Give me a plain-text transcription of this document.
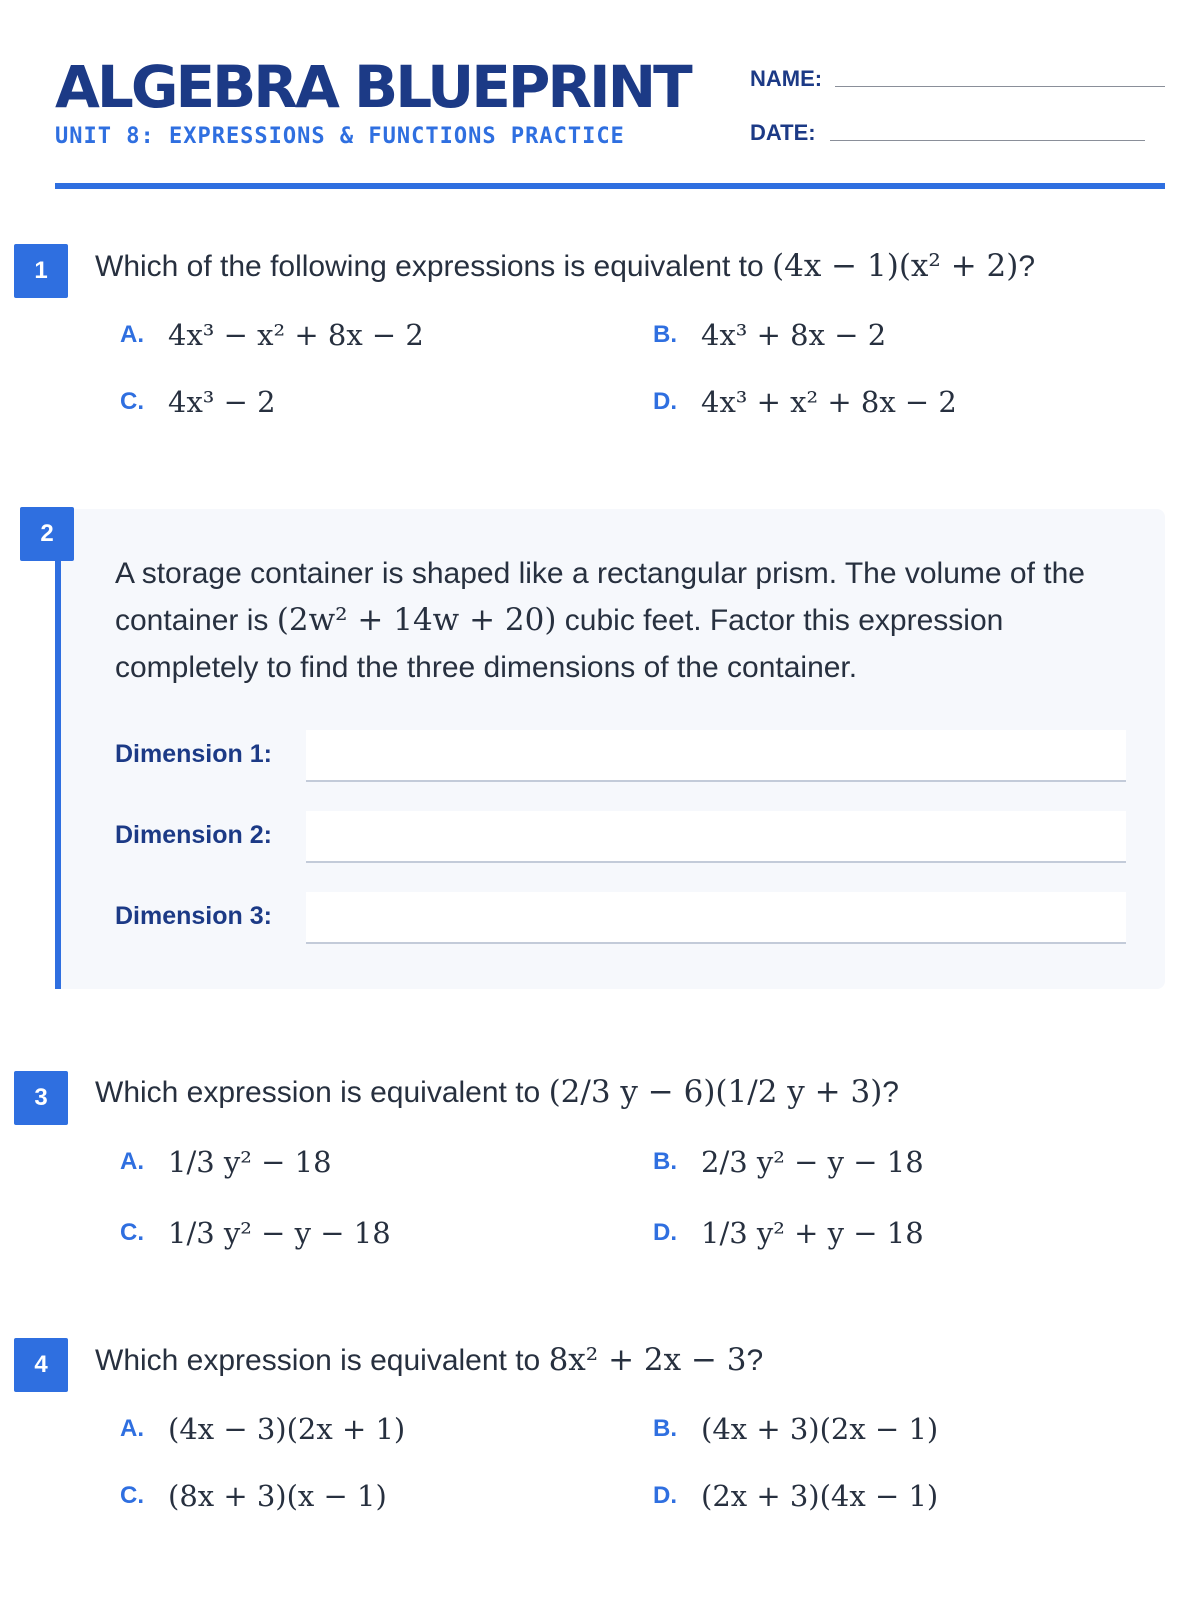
ALGEBRA BLUEPRINT
UNIT 8: EXPRESSIONS & FUNCTIONS PRACTICE
NAME:
DATE:
1	Which of the following expressions is equivalent to (4x − 1)(x² + 2)?
A. 4x³ − x² + 8x − 2	B. 4x³ + 8x − 2
C. 4x³ − 2	D. 4x³ + x² + 8x − 2
2
A storage container is shaped like a rectangular prism. The volume of the container is (2w² + 14w + 20) cubic feet. Factor this expression completely to find the three dimensions of the container.
Dimension 1:
Dimension 2:
Dimension 3:
3	Which expression is equivalent to (2/3 y − 6)(1/2 y + 3)?
A. 1/3 y² − 18	B. 2/3 y² − y − 18
C. 1/3 y² − y − 18	D. 1/3 y² + y − 18
4	Which expression is equivalent to 8x² + 2x − 3?
A. (4x − 3)(2x + 1)	B. (4x + 3)(2x − 1)
C. (8x + 3)(x − 1)	D. (2x + 3)(4x − 1)
